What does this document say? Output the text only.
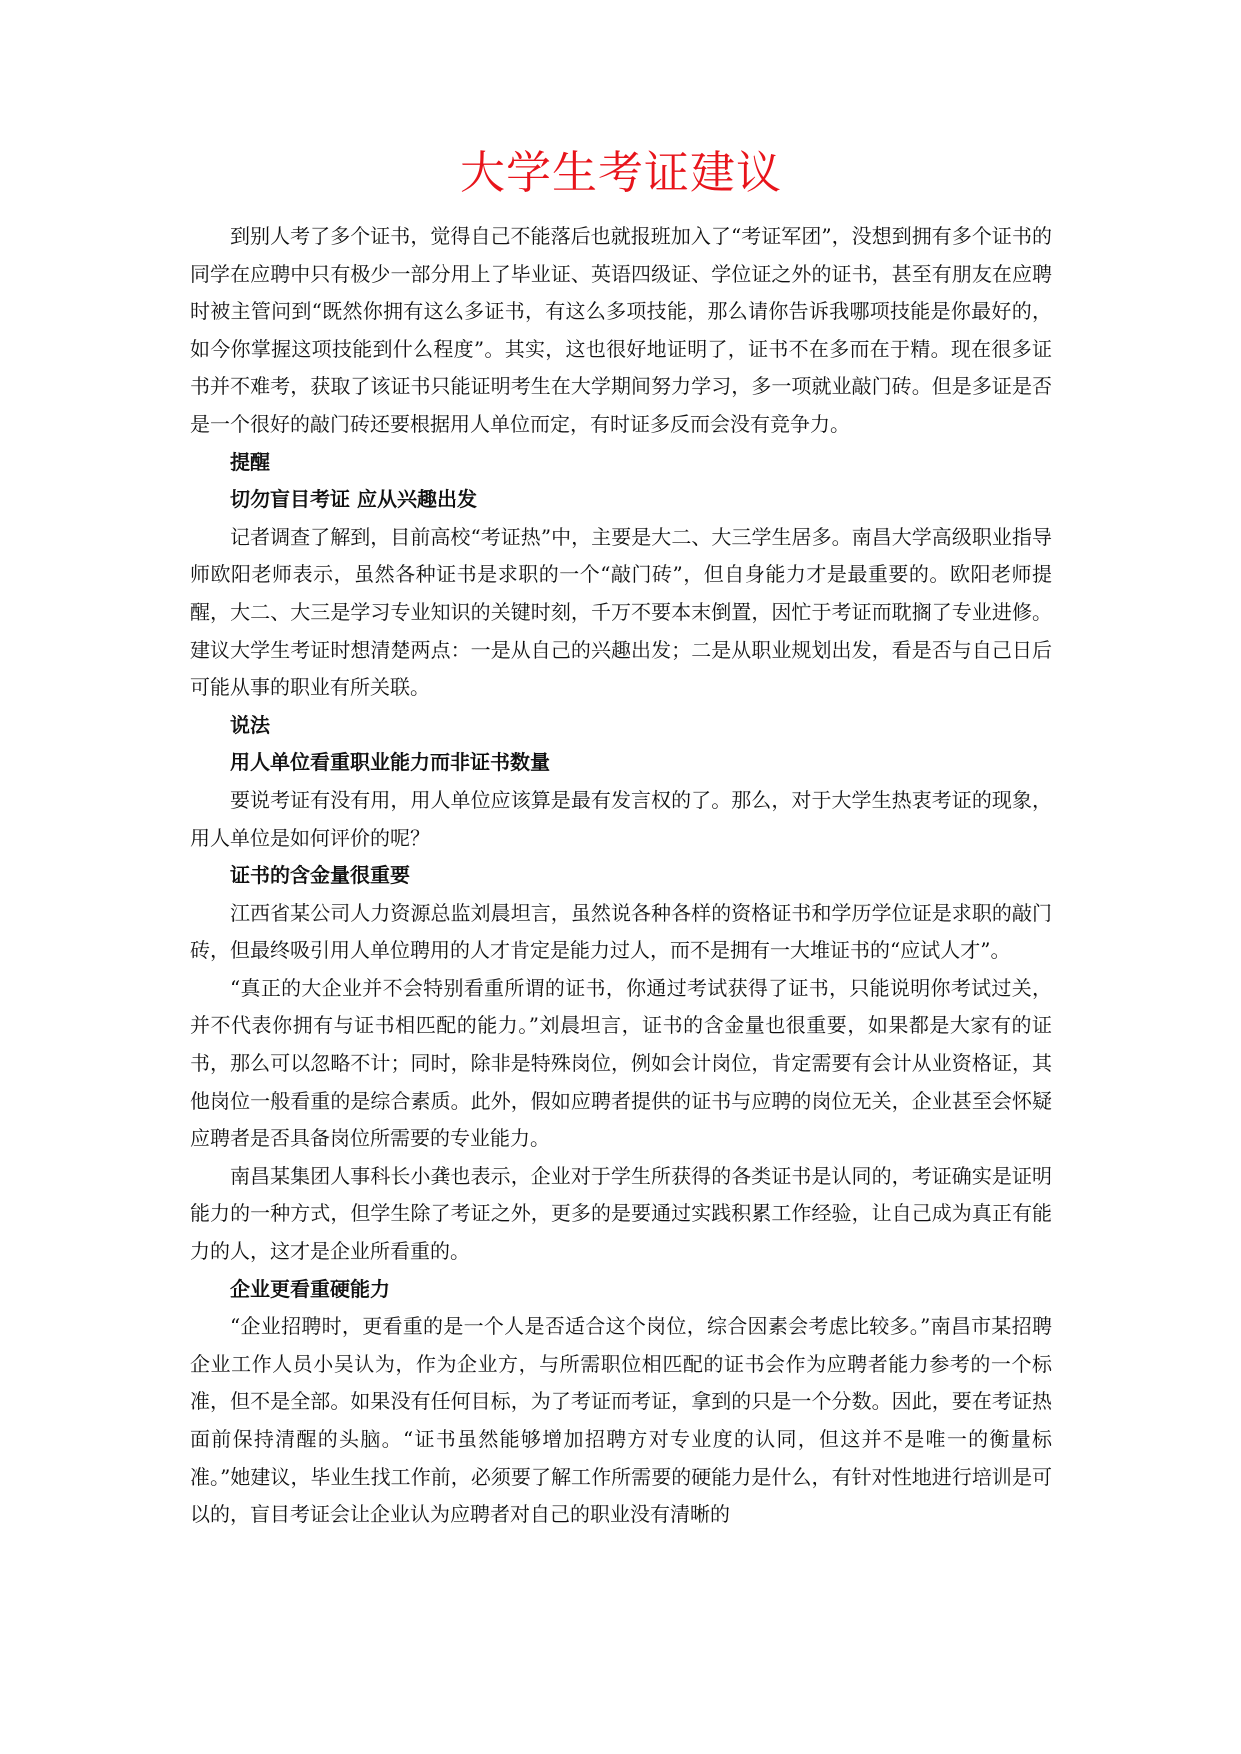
大学生考证建议

到别人考了多个证书，觉得自己不能落后也就报班加入了“考证军团”，没想到拥有多个证书的同学在应聘中只有极少一部分用上了毕业证、英语四级证、学位证之外的证书，甚至有朋友在应聘时被主管问到“既然你拥有这么多证书，有这么多项技能，那么请你告诉我哪项技能是你最好的，如今你掌握这项技能到什么程度”。其实，这也很好地证明了，证书不在多而在于精。现在很多证书并不难考，获取了该证书只能证明考生在大学期间努力学习，多一项就业敲门砖。但是多证是否是一个很好的敲门砖还要根据用人单位而定，有时证多反而会没有竞争力。

提醒

切勿盲目考证 应从兴趣出发

记者调查了解到，目前高校“考证热”中，主要是大二、大三学生居多。南昌大学高级职业指导师欧阳老师表示，虽然各种证书是求职的一个“敲门砖”，但自身能力才是最重要的。欧阳老师提醒，大二、大三是学习专业知识的关键时刻，千万不要本末倒置，因忙于考证而耽搁了专业进修。建议大学生考证时想清楚两点：一是从自己的兴趣出发；二是从职业规划出发，看是否与自己日后可能从事的职业有所关联。

说法

用人单位看重职业能力而非证书数量

要说考证有没有用，用人单位应该算是最有发言权的了。那么，对于大学生热衷考证的现象，用人单位是如何评价的呢？

证书的含金量很重要

江西省某公司人力资源总监刘晨坦言，虽然说各种各样的资格证书和学历学位证是求职的敲门砖，但最终吸引用人单位聘用的人才肯定是能力过人，而不是拥有一大堆证书的“应试人才”。

“真正的大企业并不会特别看重所谓的证书，你通过考试获得了证书，只能说明你考试过关，并不代表你拥有与证书相匹配的能力。”刘晨坦言，证书的含金量也很重要，如果都是大家有的证书，那么可以忽略不计；同时，除非是特殊岗位，例如会计岗位，肯定需要有会计从业资格证，其他岗位一般看重的是综合素质。此外，假如应聘者提供的证书与应聘的岗位无关，企业甚至会怀疑应聘者是否具备岗位所需要的专业能力。

南昌某集团人事科长小龚也表示，企业对于学生所获得的各类证书是认同的，考证确实是证明能力的一种方式，但学生除了考证之外，更多的是要通过实践积累工作经验，让自己成为真正有能力的人，这才是企业所看重的。

企业更看重硬能力

“企业招聘时，更看重的是一个人是否适合这个岗位，综合因素会考虑比较多。”南昌市某招聘企业工作人员小吴认为，作为企业方，与所需职位相匹配的证书会作为应聘者能力参考的一个标准，但不是全部。如果没有任何目标，为了考证而考证，拿到的只是一个分数。因此，要在考证热面前保持清醒的头脑。“证书虽然能够增加招聘方对专业度的认同，但这并不是唯一的衡量标准。”她建议，毕业生找工作前，必须要了解工作所需要的硬能力是什么，有针对性地进行培训是可以的，盲目考证会让企业认为应聘者对自己的职业没有清晰的
